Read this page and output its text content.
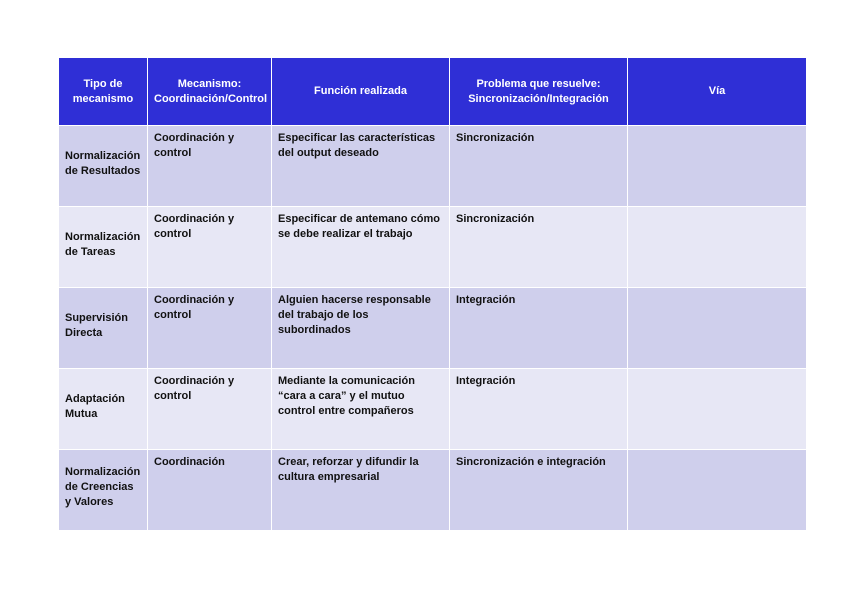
Tipo de mecanismo	Mecanismo: Coordinación/Control	Función realizada	Problema que resuelve: Sincronización/Integración	Vía
Normalización de Resultados	Coordinación y control	Especificar las características del output deseado	Sincronización	
Normalización de Tareas	Coordinación y control	Especificar de antemano cómo se debe realizar el trabajo	Sincronización	
Supervisión Directa	Coordinación y control	Alguien hacerse responsable del trabajo de los subordinados	Integración	
Adaptación Mutua	Coordinación y control	Mediante la comunicación “cara a cara” y el mutuo control entre compañeros	Integración	
Normalización de Creencias y Valores	Coordinación	Crear, reforzar y difundir la cultura empresarial	Sincronización e integración	
